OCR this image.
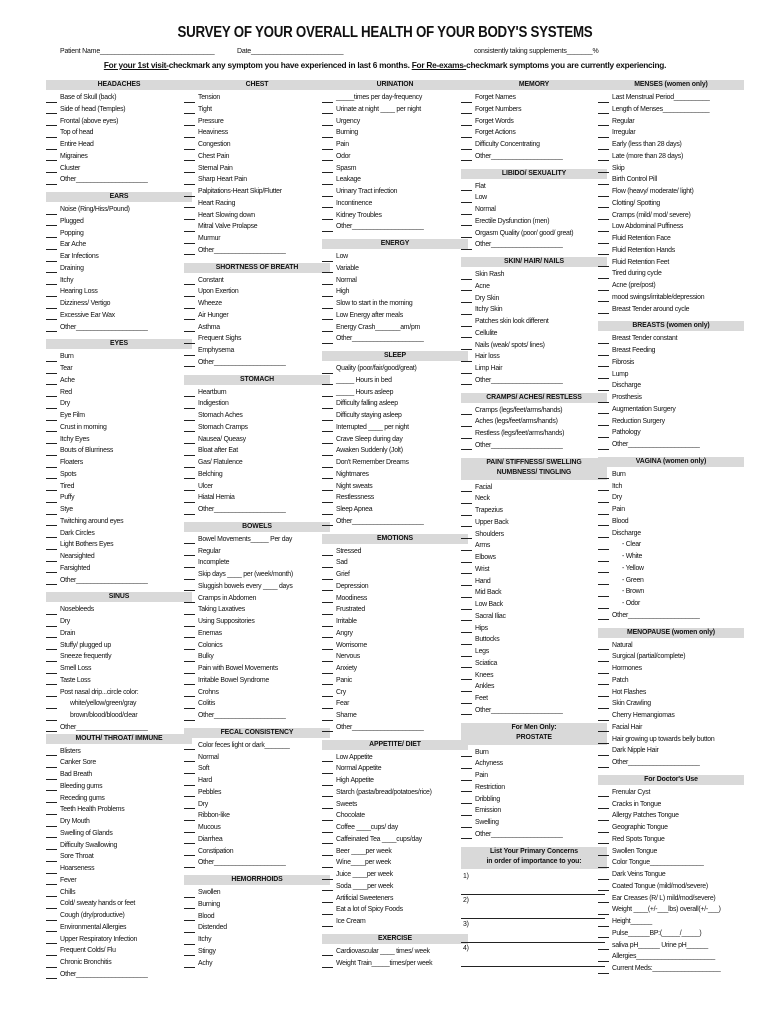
SURVEY OF YOUR OVERALL HEALTH OF YOUR BODY'S SYSTEMS
Patient Name_______________________________	Date_________________________	consistently taking supplements_______%
For your 1st visit-checkmark any symptom you have experienced in last 6 months. For Re-exams-checkmark symptoms you are currently experiencing.
HEADACHES
Base of Skull (back)
Side of head (Temples)
Frontal (above eyes)
Top of head
Entire Head
Migraines
Cluster
Other____________________
EARS
Noise (Ring/Hiss/Pound)
Plugged
Popping
Ear Ache
Ear Infections
Draining
Itchy
Hearing Loss
Dizziness/ Vertigo
Excessive Ear Wax
Other____________________
EYES
Burn
Tear
Ache
Red
Dry
Eye Film
Crust in morning
Itchy Eyes
Bouts of Blurriness
Floaters
Spots
Tired
Puffy
Stye
Twitching around eyes
Dark Circles
Light Bothers Eyes
Nearsighted
Farsighted
Other____________________
SINUS
Nosebleeds
Dry
Drain
Stuffy/ plugged up
Sneeze frequently
Smell Loss
Taste Loss
Post nasal drip...circle color:
white/yellow/green/gray
brown/blood/blood/clear
Other____________________
MOUTH/ THROAT/ IMMUNE
Blisters
Canker Sore
Bad Breath
Bleeding gums
Receding gums
Teeth Health Problems
Dry Mouth
Swelling of Glands
Difficulty Swallowing
Sore Throat
Hoarseness
Fever
Chills
Cold/ sweaty hands or feet
Cough (dry/productive)
Environmental Allergies
Upper Respiratory Infection
Frequent Colds/ Flu
Chronic Bronchitis
Other____________________
CHEST
Tension
Tight
Pressure
Heaviness
Congestion
Chest Pain
Sternal Pain
Sharp Heart Pain
Palpitations-Heart Skip/Flutter
Heart Racing
Heart Slowing down
Mitral Valve Prolapse
Murmur
Other____________________
SHORTNESS OF BREATH
Constant
Upon Exertion
Wheeze
Air Hunger
Asthma
Frequent Sighs
Emphysema
Other____________________
STOMACH
Heartburn
Indigestion
Stomach Aches
Stomach Cramps
Nausea/ Queasy
Bloat after Eat
Gas/ Flatulence
Belching
Ulcer
Hiatal Hernia
Other____________________
BOWELS
Bowel Movements_____ Per day
Regular
Incomplete
Skip days ____ per (week/month)
Sluggish bowels every ____ days
Cramps in Abdomen
Taking Laxatives
Using Suppositories
Enemas
Colonics
Bulky
Pain with Bowel Movements
Irritable Bowel Syndrome
Crohns
Colitis
Other____________________
FECAL CONSISTENCY
Color feces light or dark_______
Normal
Soft
Hard
Pebbles
Dry
Ribbon-like
Mucous
Diarrhea
Constipation
Other____________________
HEMORRHOIDS
Swollen
Burning
Blood
Distended
Itchy
Stingy
Achy
URINATION
_____times per day-frequency
Urinate at night ____ per night
Urgency
Burning
Pain
Odor
Spasm
Leakage
Urinary Tract infection
Incontinence
Kidney Troubles
Other____________________
ENERGY
Low
Variable
Normal
High
Slow to start in the morning
Low Energy after meals
Energy Crash_______am/pm
Other____________________
SLEEP
Quality (poor/fair/good/great)
_____ Hours in bed
_____ Hours asleep
Difficulty falling asleep
Difficulty staying asleep
Interrupted ____ per night
Crave Sleep during day
Awaken Suddenly (Jolt)
Don't Remember Dreams
Nightmares
Night sweats
Restlessness
Sleep Apnea
Other____________________
EMOTIONS
Stressed
Sad
Grief
Depression
Moodiness
Frustrated
Irritable
Angry
Worrisome
Nervous
Anxiety
Panic
Cry
Fear
Shame
Other____________________
APPETITE/ DIET
Low Appetite
Normal Appetite
High Appetite
Starch (pasta/bread/potatoes/rice)
Sweets
Chocolate
Coffee ____cups/ day
Caffeinated Tea ____cups/day
Beer ____per week
Wine____per week
Juice ____per week
Soda ____per week
Artificial Sweeteners
Eat a lot of Spicy Foods
Ice Cream
EXERCISE
Cardiovascular ____ times/ week
Weight Train_____times/per week
MEMORY
Forget Names
Forget Numbers
Forget Words
Forget Actions
Difficulty Concentrating
Other____________________
LIBIDO/ SEXUALITY
Flat
Low
Normal
Erectile Dysfunction (men)
Orgasm Quality (poor/ good/ great)
Other____________________
SKIN/ HAIR/ NAILS
Skin Rash
Acne
Dry Skin
Itchy Skin
Patches skin look different
Cellulite
Nails (weak/ spots/ lines)
Hair loss
Limp Hair
Other____________________
CRAMPS/ ACHES/ RESTLESS
Cramps (legs/feet/arms/hands)
Aches (legs/feet/arms/hands)
Restless (legs/feet/arms/hands)
Other____________________
PAIN/ STIFFNESS/ SWELLING
NUMBNESS/ TINGLING
Facial
Neck
Trapezius
Upper Back
Shoulders
Arms
Elbows
Wrist
Hand
Mid Back
Low Back
Sacral Iliac
Hips
Buttocks
Legs
Sciatica
Knees
Ankles
Feet
Other____________________
For Men Only:
PROSTATE
Burn
Achyness
Pain
Restriction
Dribbling
Emission
Swelling
Other____________________
List Your Primary Concerns
in order of importance to you:
1)
2)
3)
4)
MENSES (women only)
Last Menstrual Period__________
Length of Menses_____________
Regular
Irregular
Early (less than 28 days)
Late (more than 28 days)
Skip
Birth Control Pill
Flow (heavy/ moderate/ light)
Clotting/ Spotting
Cramps (mild/ mod/ severe)
Low Abdominal Puffiness
Fluid Retention Face
Fluid Retention Hands
Fluid Retention Feet
Tired during cycle
Acne (pre/post)
mood swings/irritable/depression
Breast Tender around cycle
BREASTS (women only)
Breast Tender constant
Breast Feeding
Fibrosis
Lump
Discharge
Prosthesis
Augmentation Surgery
Reduction Surgery
Pathology
Other____________________
VAGINA (women only)
Burn
Itch
Dry
Pain
Blood
Discharge
- Clear
- White
- Yellow
- Green
- Brown
- Odor
Other____________________
MENOPAUSE (women only)
Natural
Surgical (partial/complete)
Hormones
Patch
Hot Flashes
Skin Crawling
Cherry Hemangiomas
Facial Hair
Hair growing up towards belly button
Dark Nipple Hair
Other____________________
For Doctor's Use
Frenular Cyst
Cracks in Tongue
Allergy Patches Tongue
Geographic Tongue
Red Spots Tongue
Swollen Tongue
Color Tongue_______________
Dark Veins Tongue
Coated Tongue (mild/mod/severe)
Ear Creases (R/ L) mild/mod/severe)
Weight ____(+/-___lbs) overall(+/-___)
Height______
Pulse______BP:(_____/_____)
saliva pH______ Urine pH______
Allergies______________________
Current Meds:___________________
